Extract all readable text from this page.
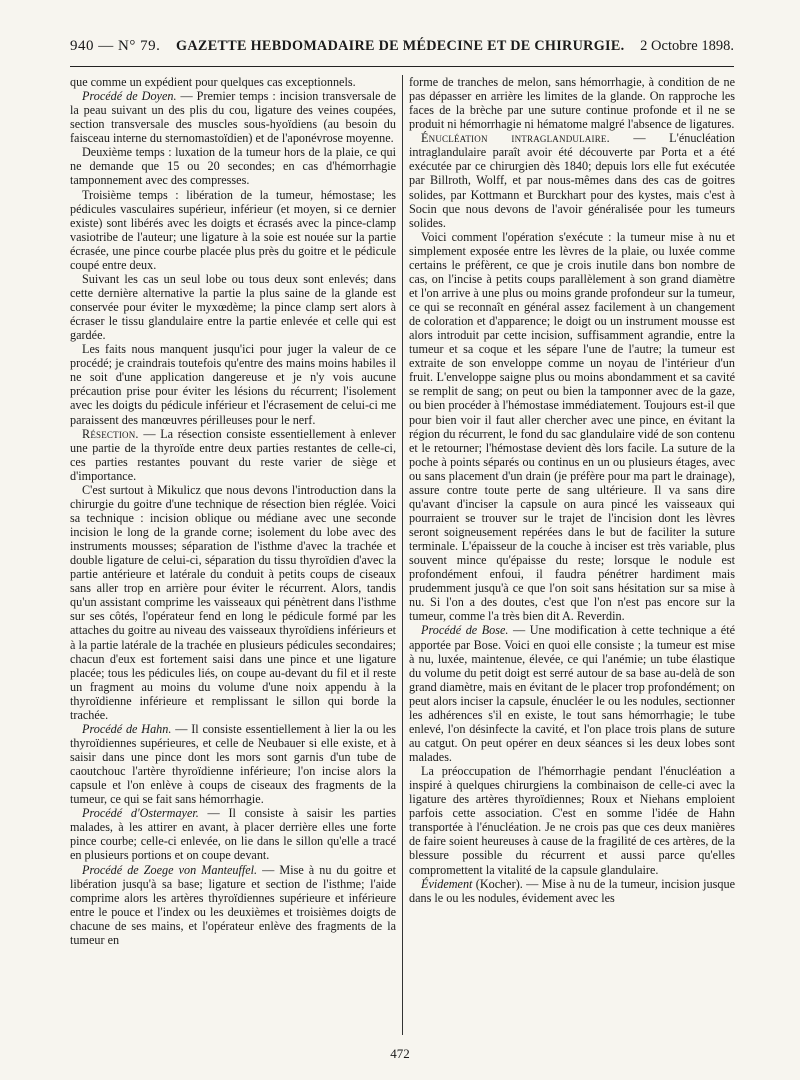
940 — N° 79. GAZETTE HEBDOMADAIRE DE MÉDECINE ET DE CHIRURGIE. 2 Octobre 1898.

que comme un expédient pour quelques cas exceptionnels.

Procédé de Doyen. — Premier temps : incision transversale de la peau suivant un des plis du cou, ligature des veines coupées, section transversale des muscles sous-hyoïdiens (au besoin du faisceau interne du sternomastoïdien) et de l'aponévrose moyenne.

Deuxième temps : luxation de la tumeur hors de la plaie, ce qui ne demande que 15 ou 20 secondes; en cas d'hémorrhagie tamponnement avec des compresses.

Troisième temps : libération de la tumeur, hémostase; les pédicules vasculaires supérieur, inférieur (et moyen, si ce dernier existe) sont libérés avec les doigts et écrasés avec la pince-clamp vasiotribe de l'auteur; une ligature à la soie est nouée sur la partie écrasée, une pince courbe placée plus près du goitre et le pédicule coupé entre deux.

Suivant les cas un seul lobe ou tous deux sont enlevés; dans cette dernière alternative la partie la plus saine de la glande est conservée pour éviter le myxœdème; la pince clamp sert alors à écraser le tissu glandulaire entre la partie enlevée et celle qui est gardée.

Les faits nous manquent jusqu'ici pour juger la valeur de ce procédé; je craindrais toutefois qu'entre des mains moins habiles il ne soit d'une application dangereuse et je n'y vois aucune précaution prise pour éviter les lésions du récurrent; l'isolement avec les doigts du pédicule inférieur et l'écrasement de celui-ci me paraissent des manœuvres périlleuses pour le nerf.

Résection. — La résection consiste essentiellement à enlever une partie de la thyroïde entre deux parties restantes de celle-ci, ces parties restantes pouvant du reste varier de siège et d'importance.

C'est surtout à Mikulicz que nous devons l'introduction dans la chirurgie du goitre d'une technique de résection bien réglée. Voici sa technique : incision oblique ou médiane avec une seconde incision le long de la grande corne; isolement du lobe avec des instruments mousses; séparation de l'isthme d'avec la trachée et double ligature de celui-ci, séparation du tissu thyroïdien d'avec la partie antérieure et latérale du conduit à petits coups de ciseaux sans aller trop en arrière pour éviter le récurrent. Alors, tandis qu'un assistant comprime les vaisseaux qui pénètrent dans l'isthme sur ses côtés, l'opérateur fend en long le pédicule formé par les attaches du goitre au niveau des vaisseaux thyroïdiens inférieurs et à la partie latérale de la trachée en plusieurs pédicules secondaires; chacun d'eux est fortement saisi dans une pince et une ligature placée; tous les pédicules liés, on coupe au-devant du fil et il reste un fragment au moins du volume d'une noix appendu à la thyroïdienne inférieure et remplissant le sillon qui borde la trachée.

Procédé de Hahn. — Il consiste essentiellement à lier la ou les thyroïdiennes supérieures, et celle de Neubauer si elle existe, et à saisir dans une pince dont les mors sont garnis d'un tube de caoutchouc l'artère thyroïdienne inférieure; l'on incise alors la capsule et l'on enlève à coups de ciseaux des fragments de la tumeur, ce qui se fait sans hémorrhagie.

Procédé d'Ostermayer. — Il consiste à saisir les parties malades, à les attirer en avant, à placer derrière elles une forte pince courbe; celle-ci enlevée, on lie dans le sillon qu'elle a tracé en plusieurs portions et on coupe devant.

Procédé de Zoege von Manteuffel. — Mise à nu du goitre et libération jusqu'à sa base; ligature et section de l'isthme; l'aide comprime alors les artères thyroïdiennes supérieure et inférieure entre le pouce et l'index ou les deuxièmes et troisièmes doigts de chacune de ses mains, et l'opérateur enlève des fragments de la tumeur en

forme de tranches de melon, sans hémorrhagie, à condition de ne pas dépasser en arrière les limites de la glande. On rapproche les faces de la brèche par une suture continue profonde et il ne se produit ni hémorrhagie ni hématome malgré l'absence de ligatures.

Énucléation intraglandulaire. — L'énucléation intraglandulaire paraît avoir été découverte par Porta et a été exécutée par ce chirurgien dès 1840; depuis lors elle fut exécutée par Billroth, Wolff, et par nous-mêmes dans des cas de goitres solides, par Kottmann et Burckhart pour des kystes, mais c'est à Socin que nous devons de l'avoir généralisée pour les tumeurs solides.

Voici comment l'opération s'exécute : la tumeur mise à nu et simplement exposée entre les lèvres de la plaie, ou luxée comme certains le préfèrent, ce que je crois inutile dans bon nombre de cas, on l'incise à petits coups parallèlement à son grand diamètre et l'on arrive à une plus ou moins grande profondeur sur la tumeur, ce qui se reconnaît en général assez facilement à un changement de coloration et d'apparence; le doigt ou un instrument mousse est alors introduit par cette incision, suffisamment agrandie, entre la tumeur et sa coque et les sépare l'une de l'autre; la tumeur est extraite de son enveloppe comme un noyau de l'intérieur d'un fruit. L'enveloppe saigne plus ou moins abondamment et sa cavité se remplit de sang; on peut ou bien la tamponner avec de la gaze, ou bien procéder à l'hémostase immédiatement. Toujours est-il que pour bien voir il faut aller chercher avec une pince, en évitant la région du récurrent, le fond du sac glandulaire vidé de son contenu et le retourner; l'hémostase devient dès lors facile. La suture de la poche à points séparés ou continus en un ou plusieurs étages, avec ou sans placement d'un drain (je préfère pour ma part le drainage), assure contre toute perte de sang ultérieure. Il va sans dire qu'avant d'inciser la capsule on aura pincé les vaisseaux qui pourraient se trouver sur le trajet de l'incision dont les lèvres seront soigneusement repérées dans le but de faciliter la suture terminale. L'épaisseur de la couche à inciser est très variable, plus souvent mince qu'épaisse du reste; lorsque le nodule est profondément enfoui, il faudra pénétrer hardiment mais prudemment jusqu'à ce que l'on soit sans hésitation sur sa mise à nu. Si l'on a des doutes, c'est que l'on n'est pas encore sur la tumeur, comme l'a très bien dit A. Reverdin.

Procédé de Bose. — Une modification à cette technique a été apportée par Bose. Voici en quoi elle consiste ; la tumeur est mise à nu, luxée, maintenue, élevée, ce qui l'anémie; un tube élastique du volume du petit doigt est serré autour de sa base au-delà de son grand diamètre, mais en évitant de le placer trop profondément; on peut alors inciser la capsule, énucléer le ou les nodules, sectionner les adhérences s'il en existe, le tout sans hémorrhagie; le tube enlevé, l'on désinfecte la cavité, et l'on place trois plans de suture au catgut. On peut opérer en deux séances si les deux lobes sont malades.

La préoccupation de l'hémorrhagie pendant l'énucléation a inspiré à quelques chirurgiens la combinaison de celle-ci avec la ligature des artères thyroïdiennes; Roux et Niehans emploient parfois cette association. C'est en somme l'idée de Hahn transportée à l'énucléation. Je ne crois pas que ces deux manières de faire soient heureuses à cause de la fragilité de ces artères, de la blessure possible du récurrent et aussi parce qu'elles compromettent la vitalité de la capsule glandulaire.

Évidement (Kocher). — Mise à nu de la tumeur, incision jusque dans le ou les nodules, évidement avec les

472
